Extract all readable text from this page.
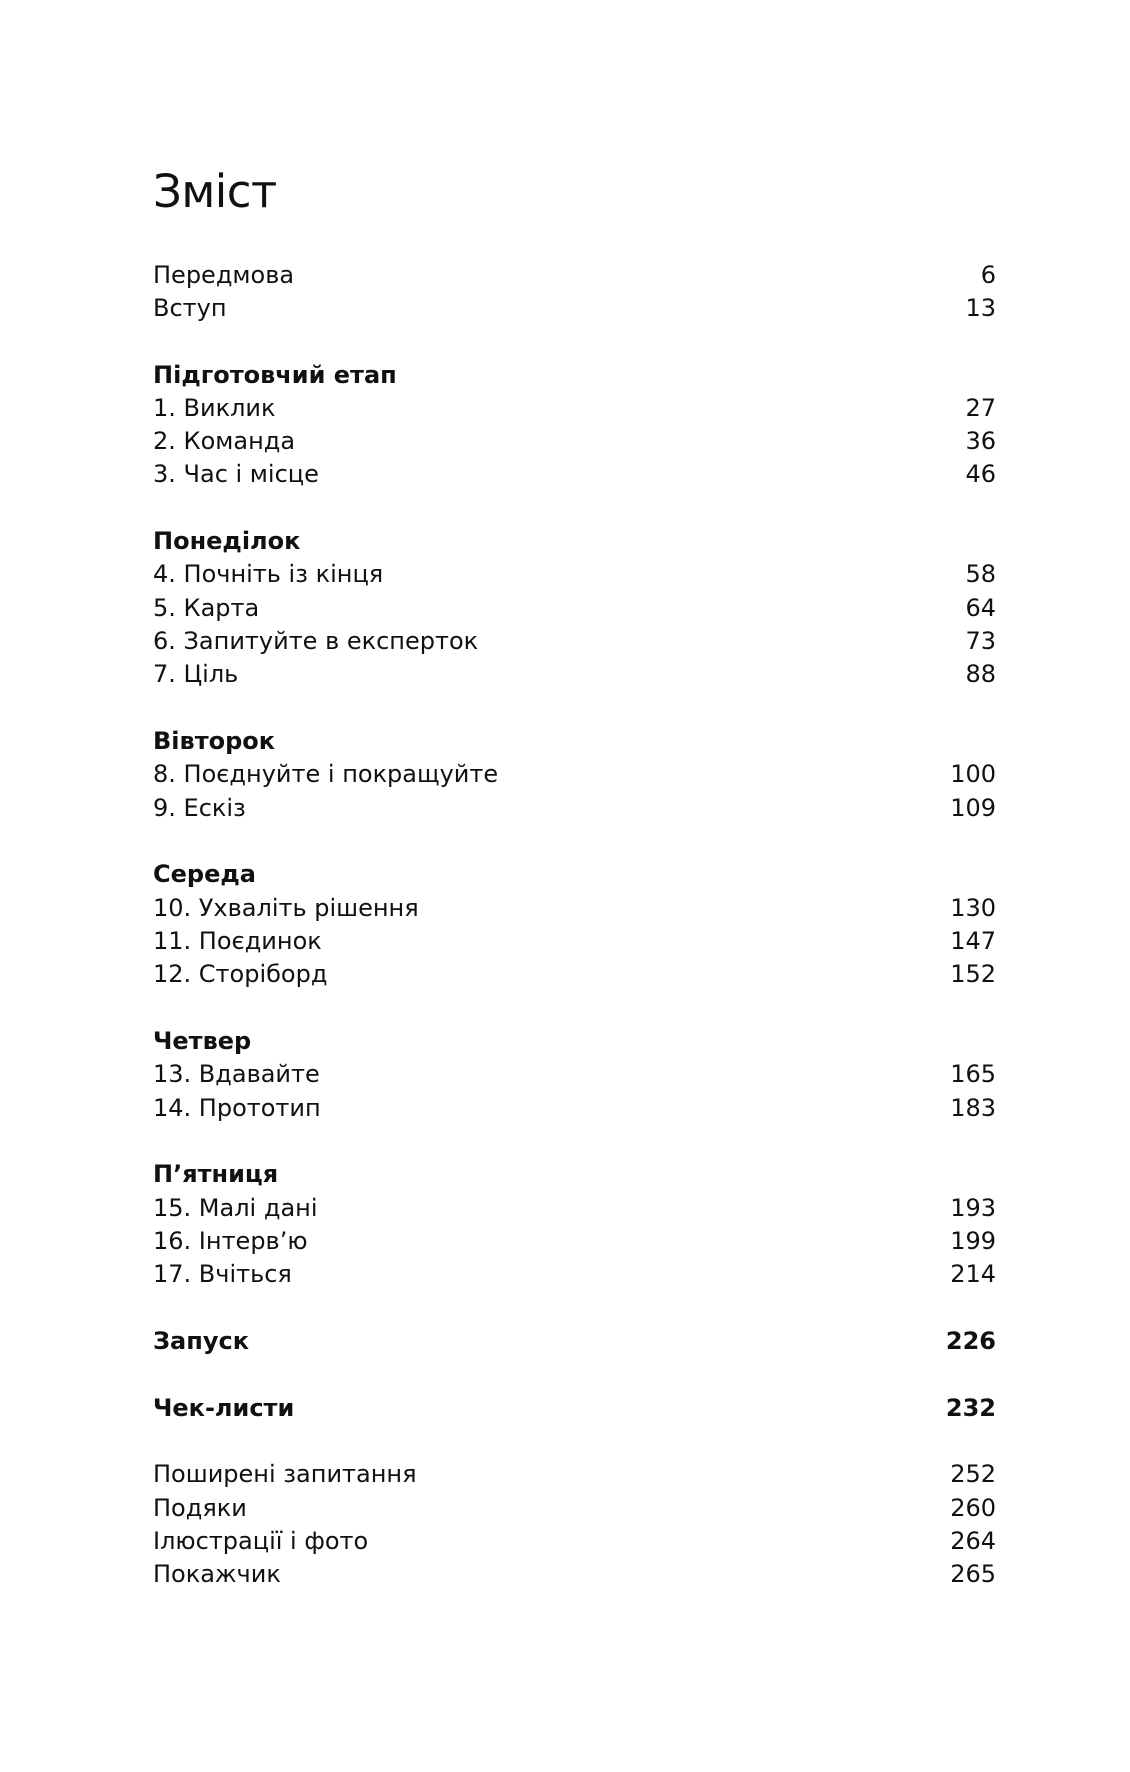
Зміст
Передмова	6
Вступ	13
Підготовчий етап
1. Виклик	27
2. Команда	36
3. Час і місце	46
Понеділок
4. Почніть із кінця	58
5. Карта	64
6. Запитуйте в експерток	73
7. Ціль	88
Вівторок
8. Поєднуйте і покращуйте	100
9. Ескіз	109
Середа
10. Ухваліть рішення	130
11. Поєдинок	147
12. Сторіборд	152
Четвер
13. Вдавайте	165
14. Прототип	183
П’ятниця
15. Малі дані	193
16. Інтерв’ю	199
17. Вчіться	214
Запуск	226
Чек-листи	232
Поширені запитання	252
Подяки	260
Ілюстрації і фото	264
Покажчик	265
